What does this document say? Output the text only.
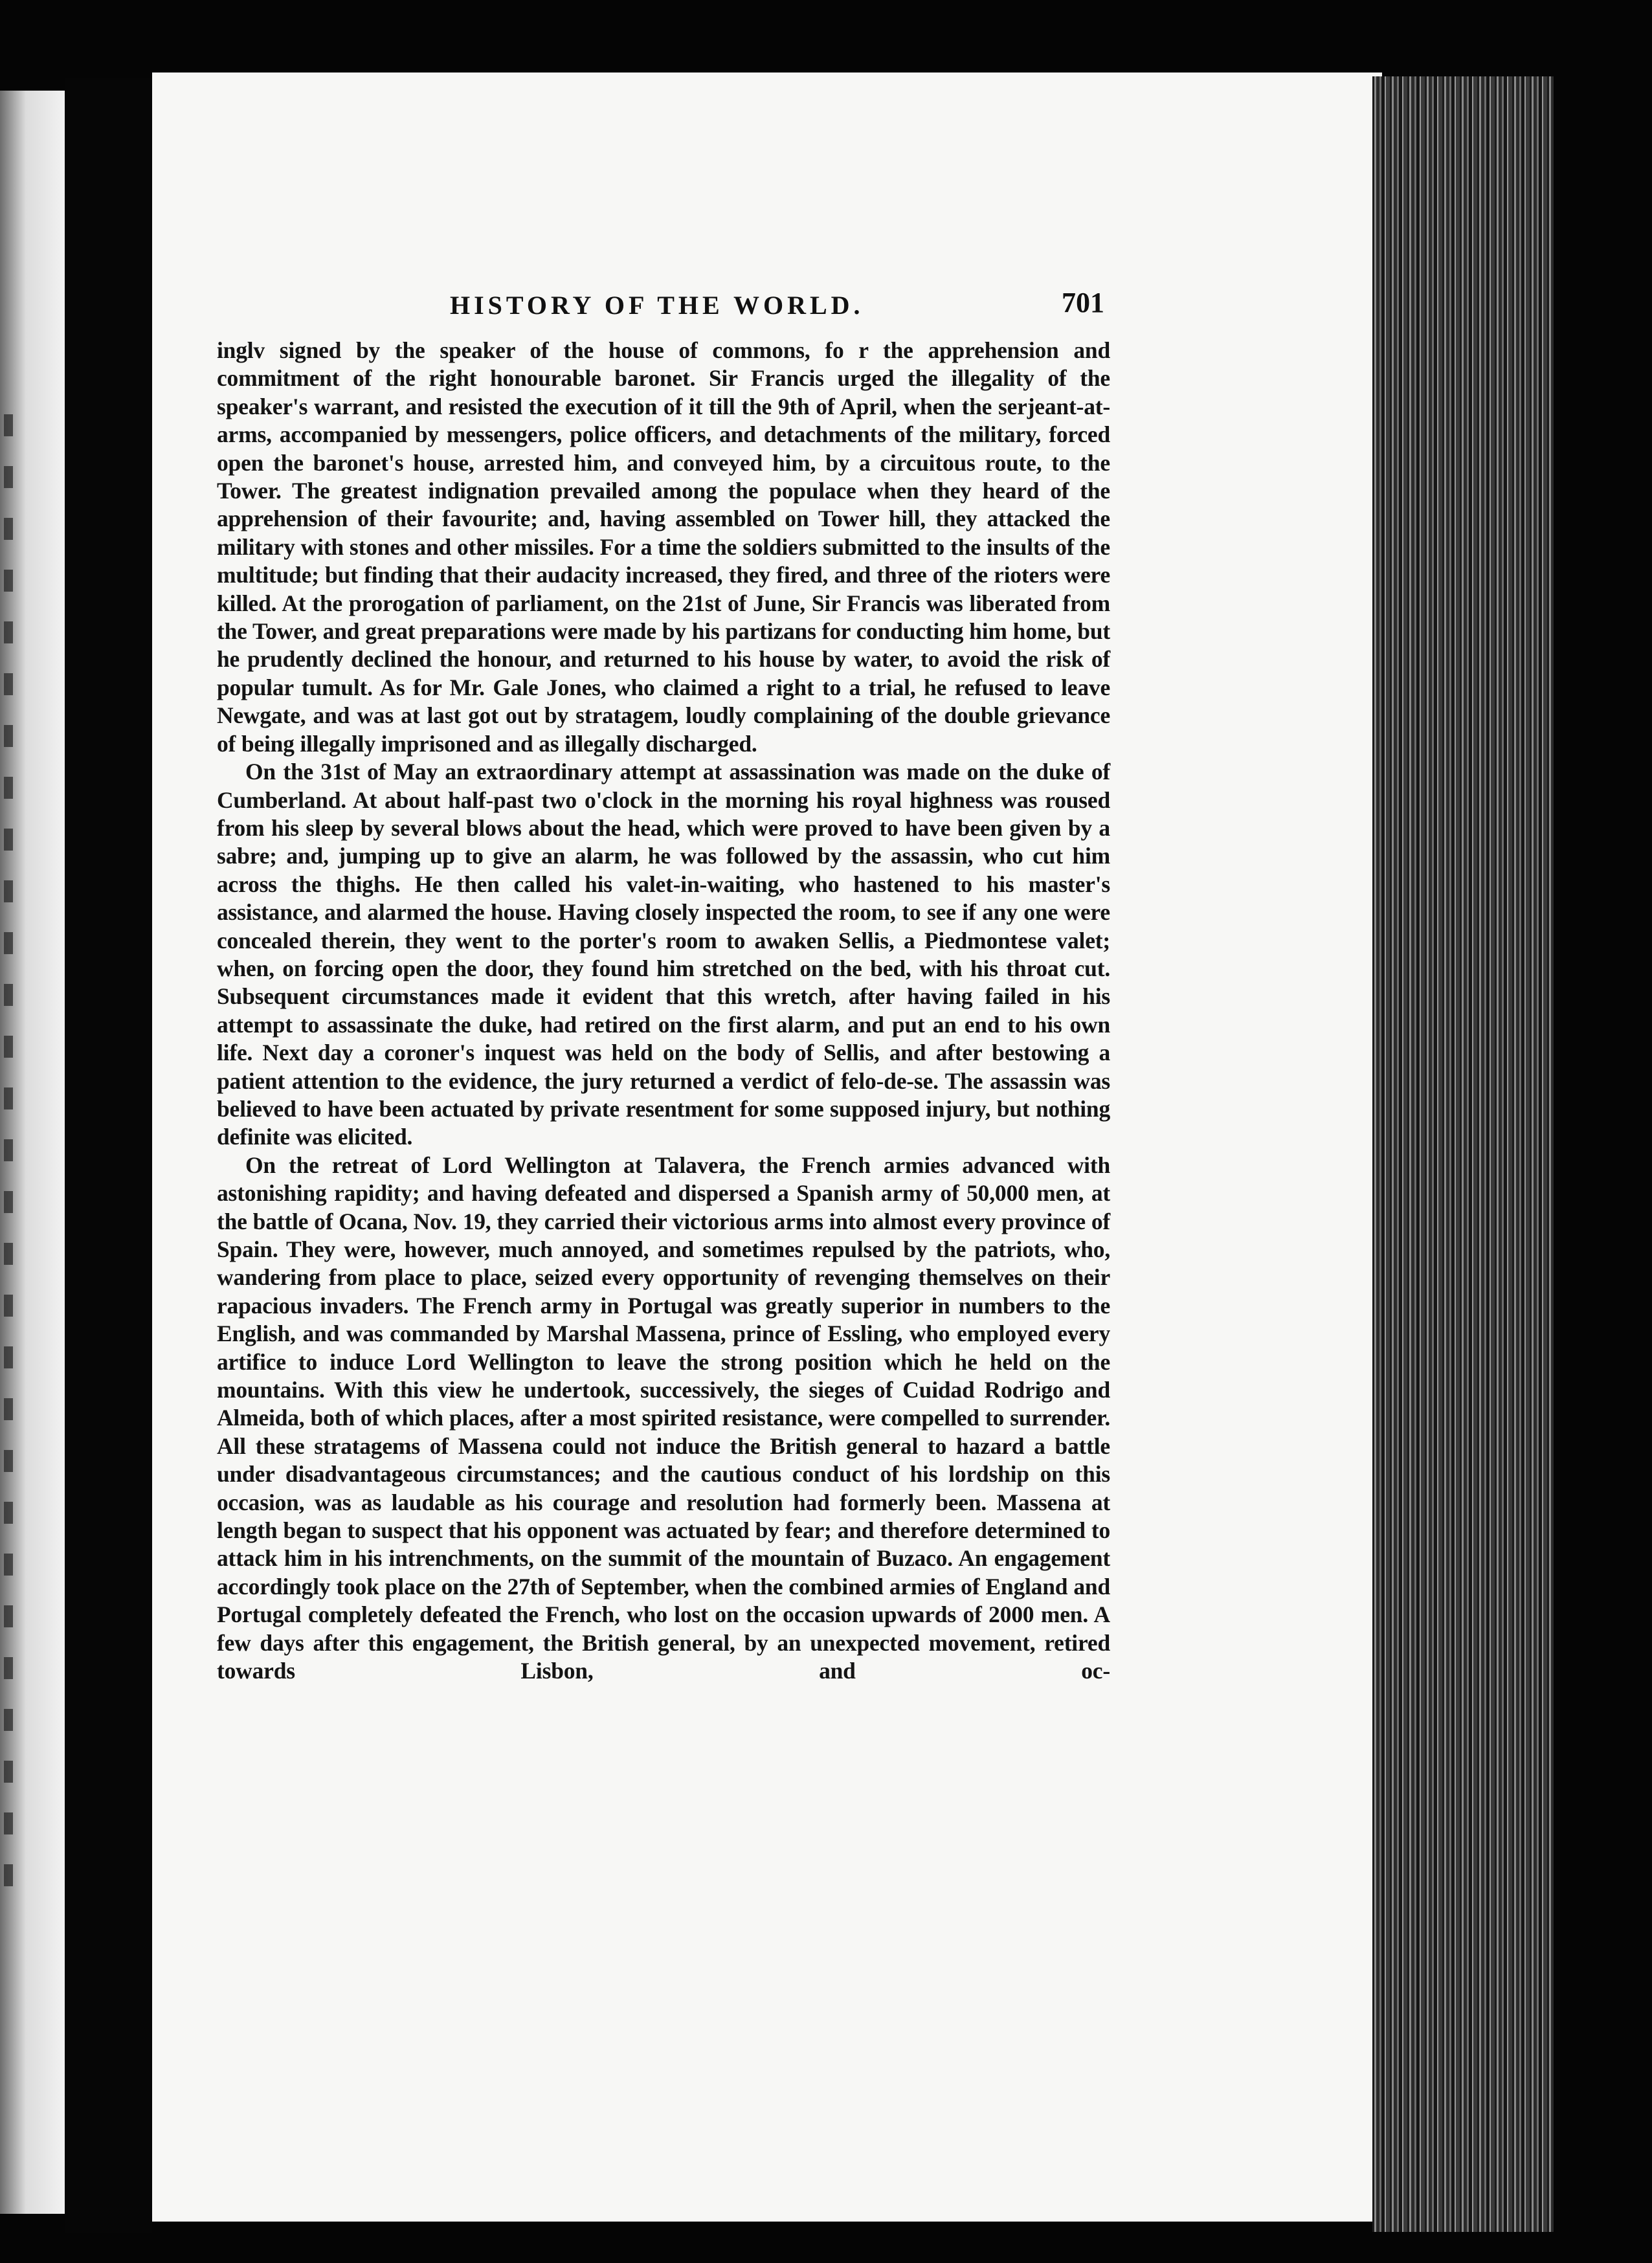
HISTORY OF THE WORLD.	701

inglv signed by the speaker of the house of commons, fo r the apprehension and commitment of the right honourable baronet. Sir Francis urged the illegality of the speaker's warrant, and resisted the execution of it till the 9th of April, when the serjeant-at-arms, accompanied by messengers, police officers, and detachments of the military, forced open the baronet's house, arrested him, and conveyed him, by a circuitous route, to the Tower. The greatest indignation prevailed among the populace when they heard of the apprehension of their favourite; and, having assembled on Tower hill, they attacked the military with stones and other missiles. For a time the soldiers submitted to the insults of the multitude; but finding that their audacity increased, they fired, and three of the rioters were killed. At the prorogation of parliament, on the 21st of June, Sir Francis was liberated from the Tower, and great preparations were made by his partizans for conducting him home, but he prudently declined the honour, and returned to his house by water, to avoid the risk of popular tumult. As for Mr. Gale Jones, who claimed a right to a trial, he refused to leave Newgate, and was at last got out by stratagem, loudly complaining of the double grievance of being illegally imprisoned and as illegally discharged.

On the 31st of May an extraordinary attempt at assassination was made on the duke of Cumberland. At about half-past two o'clock in the morning his royal highness was roused from his sleep by several blows about the head, which were proved to have been given by a sabre; and, jumping up to give an alarm, he was followed by the assassin, who cut him across the thighs. He then called his valet-in-waiting, who hastened to his master's assistance, and alarmed the house. Having closely inspected the room, to see if any one were concealed therein, they went to the porter's room to awaken Sellis, a Piedmontese valet; when, on forcing open the door, they found him stretched on the bed, with his throat cut. Subsequent circumstances made it evident that this wretch, after having failed in his attempt to assassinate the duke, had retired on the first alarm, and put an end to his own life. Next day a coroner's inquest was held on the body of Sellis, and after bestowing a patient attention to the evidence, the jury returned a verdict of felo-de-se. The assassin was believed to have been actuated by private resentment for some supposed injury, but nothing definite was elicited.

On the retreat of Lord Wellington at Talavera, the French armies advanced with astonishing rapidity; and having defeated and dispersed a Spanish army of 50,000 men, at the battle of Ocana, Nov. 19, they carried their victorious arms into almost every province of Spain. They were, however, much annoyed, and sometimes repulsed by the patriots, who, wandering from place to place, seized every opportunity of revenging themselves on their rapacious invaders. The French army in Portugal was greatly superior in numbers to the English, and was commanded by Marshal Massena, prince of Essling, who employed every artifice to induce Lord Wellington to leave the strong position which he held on the mountains. With this view he undertook, successively, the sieges of Cuidad Rodrigo and Almeida, both of which places, after a most spirited resistance, were compelled to surrender. All these stratagems of Massena could not induce the British general to hazard a battle under disadvantageous circumstances; and the cautious conduct of his lordship on this occasion, was as laudable as his courage and resolution had formerly been. Massena at length began to suspect that his opponent was actuated by fear; and therefore determined to attack him in his intrenchments, on the summit of the mountain of Buzaco. An engagement accordingly took place on the 27th of September, when the combined armies of England and Portugal completely defeated the French, who lost on the occasion upwards of 2000 men. A few days after this engagement, the British general, by an unexpected movement, retired towards Lisbon, and oc-
